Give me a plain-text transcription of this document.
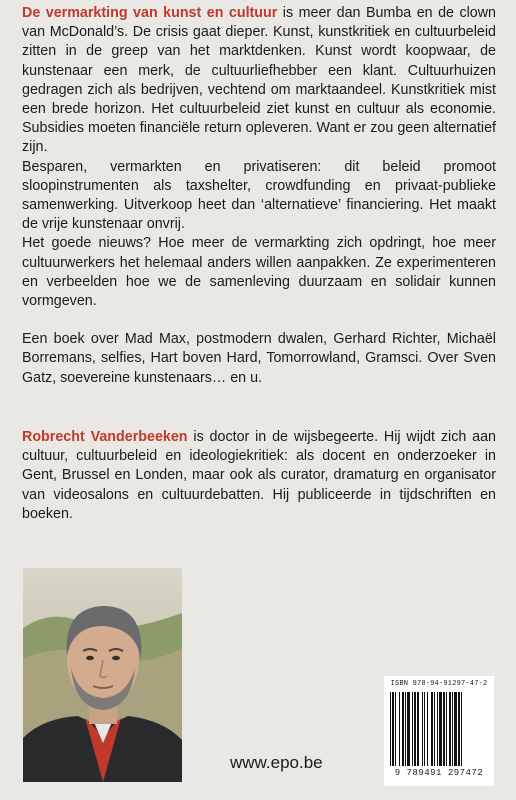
De vermarkting van kunst en cultuur is meer dan Bumba en de clown van McDonald’s. De crisis gaat dieper. Kunst, kunstkritiek en cultuurbeleid zitten in de greep van het marktdenken. Kunst wordt koopwaar, de kunstenaar een merk, de cultuurliefhebber een klant. Cultuurhuizen gedragen zich als bedrijven, vechtend om marktaandeel. Kunstkritiek mist een brede horizon. Het cultuurbeleid ziet kunst en cultuur als economie. Subsidies moeten financiële return opleveren. Want er zou geen alternatief zijn.

Besparen, vermarkten en privatiseren: dit beleid promoot sloopinstrumenten als taxshelter, crowdfunding en privaat-publieke samenwerking. Uitverkoop heet dan ‘alternatieve’ financiering. Het maakt de vrije kunstenaar onvrij.

Het goede nieuws? Hoe meer de vermarkting zich opdringt, hoe meer cultuurwerkers het helemaal anders willen aanpakken. Ze experimenteren en verbeelden hoe we de samenleving duurzaam en solidair kunnen vormgeven.

Een boek over Mad Max, postmodern dwalen, Gerhard Richter, Michaël Borremans, selfies, Hart boven Hard, Tomorrowland, Gramsci. Over Sven Gatz, soevereine kunstenaars… en u.

Robrecht Vanderbeeken is doctor in de wijsbegeerte. Hij wijdt zich aan cultuur, cultuurbeleid en ideologiekritiek: als docent en onderzoeker in Gent, Brussel en Londen, maar ook als curator, dramaturg en organisator van videosalons en cultuurdebatten. Hij publiceerde in tijdschriften en boeken.

www.epo.be
ISBN 978-94-91297-47-2
9 789491 297472
